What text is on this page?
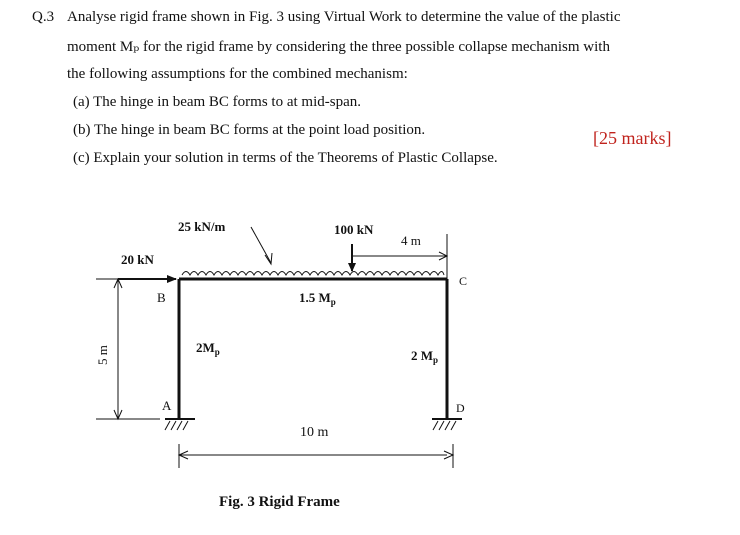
Q.3 Analyse rigid frame shown in Fig. 3 using Virtual Work to determine the value of the plastic
moment Mₚ for the rigid frame by considering the three possible collapse mechanism with
the following assumptions for the combined mechanism:
(a) The hinge in beam BC forms to at mid-span.
(b) The hinge in beam BC forms at the point load position.
(c) Explain your solution in terms of the Theorems of Plastic Collapse.
[25 marks]
25 kN/m	100 kN
4 m
20 kN
B
C
A	D
1.5 $M_p$
$2M_p$	2 $M_p$
5 m
10 m
Fig. 3 Rigid Frame
